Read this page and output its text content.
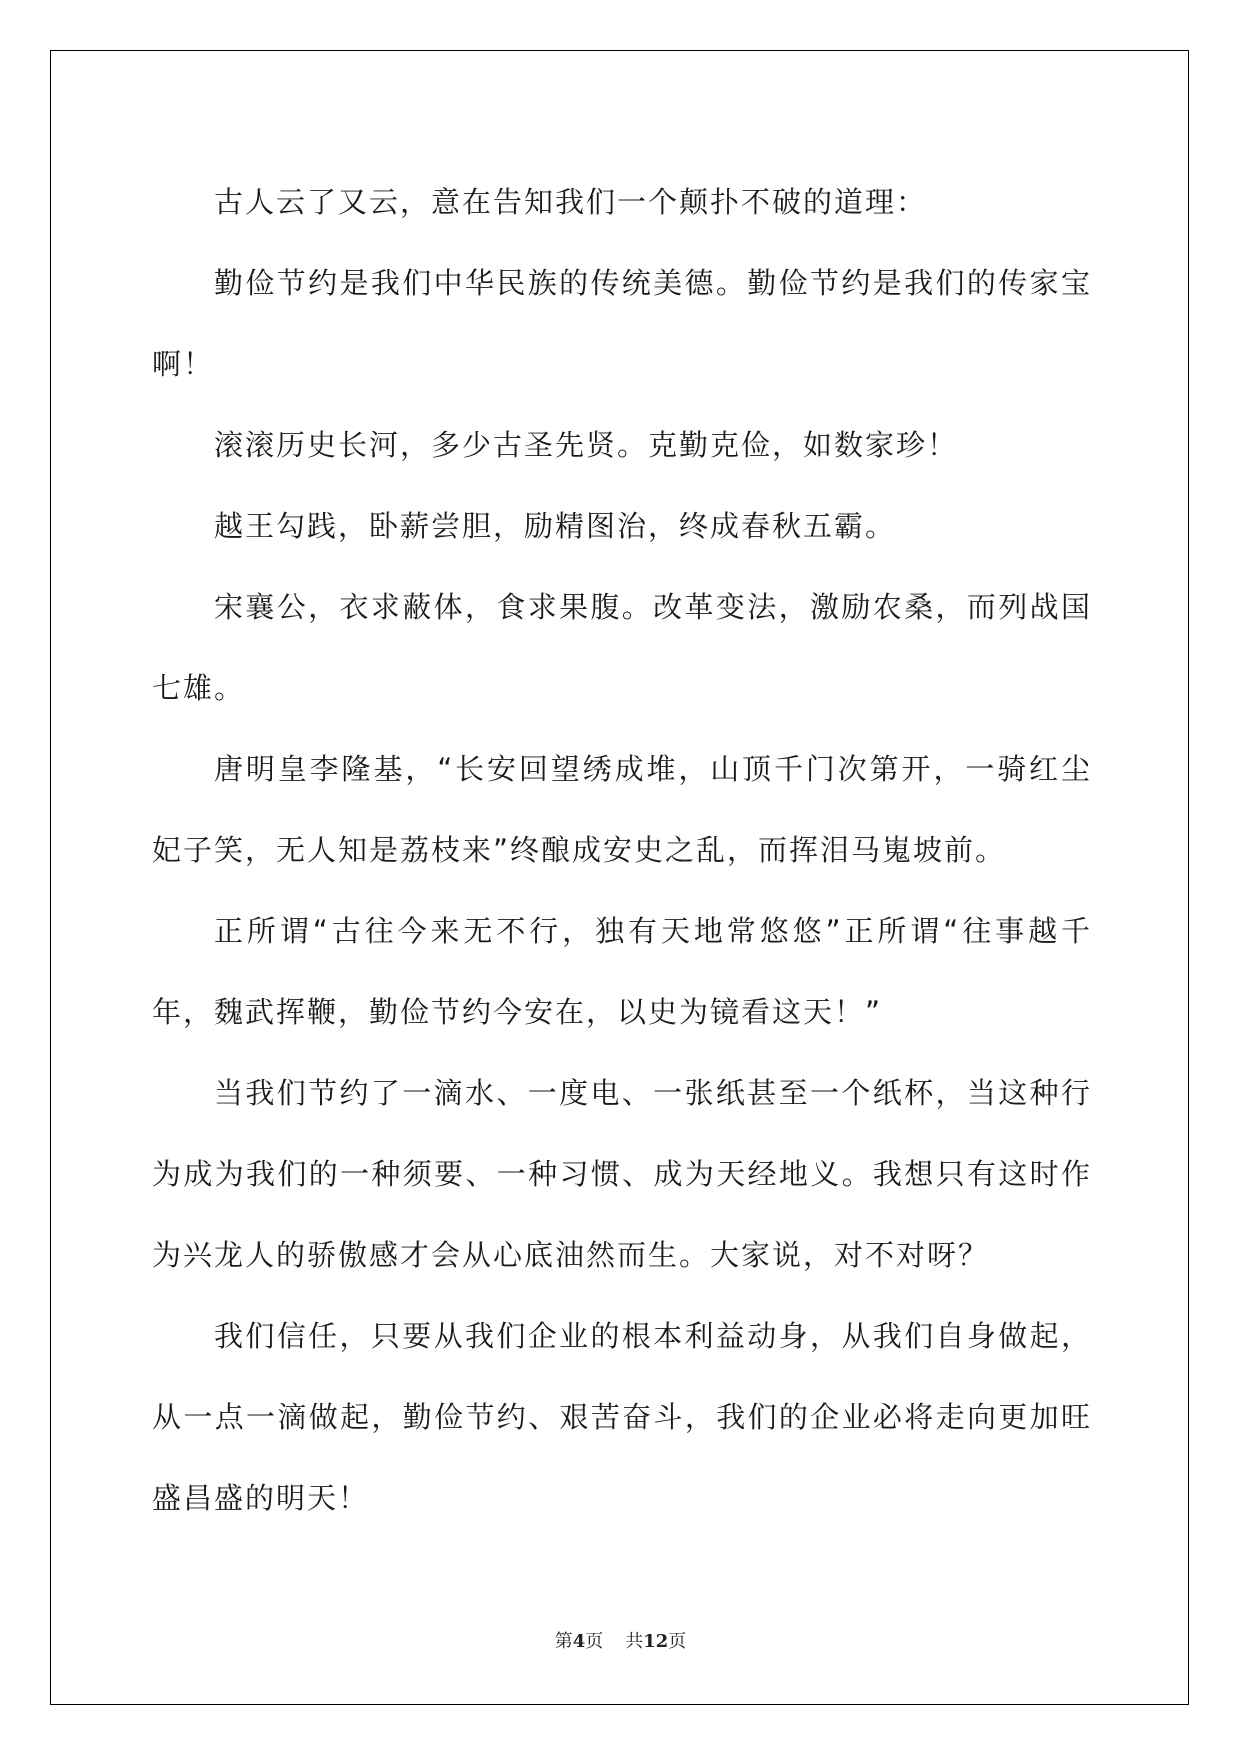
古人云了又云，意在告知我们一个颠扑不破的道理：

勤俭节约是我们中华民族的传统美德。勤俭节约是我们的传家宝啊！

滚滚历史长河，多少古圣先贤。克勤克俭，如数家珍！

越王勾践，卧薪尝胆，励精图治，终成春秋五霸。

宋襄公，衣求蔽体，食求果腹。改革变法，激励农桑，而列战国七雄。

唐明皇李隆基，“长安回望绣成堆，山顶千门次第开，一骑红尘妃子笑，无人知是荔枝来”终酿成安史之乱，而挥泪马嵬坡前。

正所谓“古往今来无不行，独有天地常悠悠”正所谓“往事越千年，魏武挥鞭，勤俭节约今安在，以史为镜看这天！”

当我们节约了一滴水、一度电、一张纸甚至一个纸杯，当这种行为成为我们的一种须要、一种习惯、成为天经地义。我想只有这时作为兴龙人的骄傲感才会从心底油然而生。大家说，对不对呀？

我们信任，只要从我们企业的根本利益动身，从我们自身做起，从一点一滴做起，勤俭节约、艰苦奋斗，我们的企业必将走向更加旺盛昌盛的明天！

第4页 共12页
